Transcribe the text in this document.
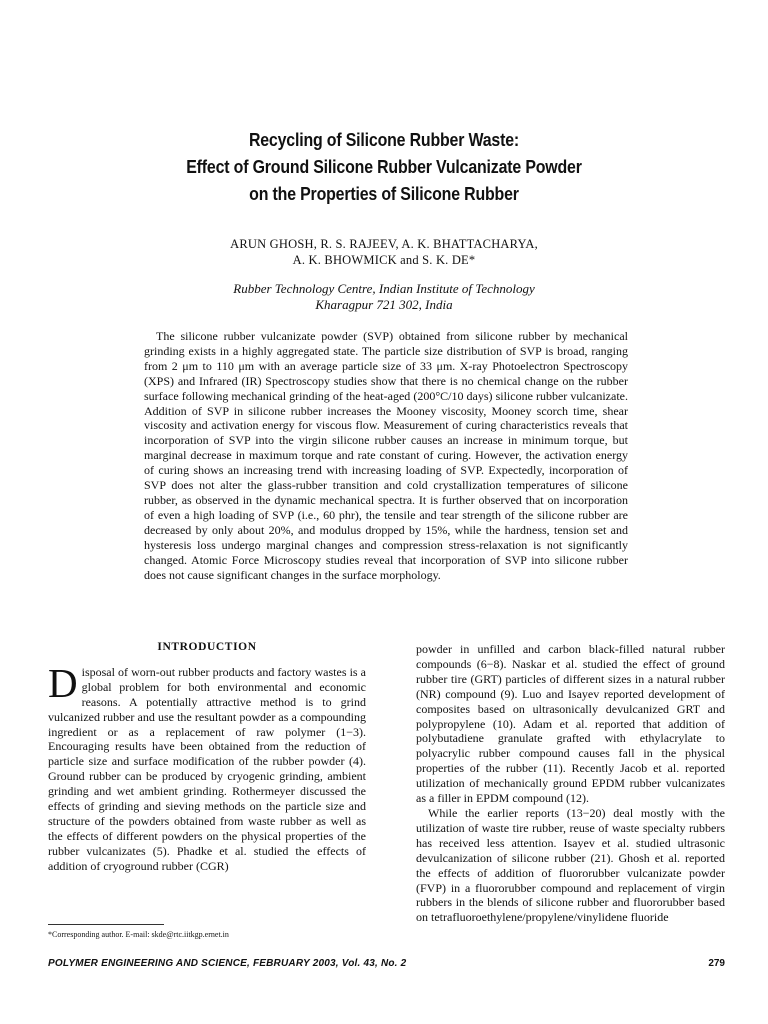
Recycling of Silicone Rubber Waste:
Effect of Ground Silicone Rubber Vulcanizate Powder
on the Properties of Silicone Rubber
ARUN GHOSH, R. S. RAJEEV, A. K. BHATTACHARYA,
A. K. BHOWMICK and S. K. DE*
Rubber Technology Centre, Indian Institute of Technology
Kharagpur 721 302, India

The silicone rubber vulcanizate powder (SVP) obtained from silicone rubber by mechanical grinding exists in a highly aggregated state. The particle size distribution of SVP is broad, ranging from 2 μm to 110 μm with an average particle size of 33 μm. X-ray Photoelectron Spectroscopy (XPS) and Infrared (IR) Spectroscopy studies show that there is no chemical change on the rubber surface following mechanical grinding of the heat-aged (200°C/10 days) silicone rubber vulcanizate. Addition of SVP in silicone rubber increases the Mooney viscosity, Mooney scorch time, shear viscosity and activation energy for viscous flow. Measurement of curing characteristics reveals that incorporation of SVP into the virgin silicone rubber causes an increase in minimum torque, but marginal decrease in maximum torque and rate constant of curing. However, the activation energy of curing shows an increasing trend with increasing loading of SVP. Expectedly, incorporation of SVP does not alter the glass-rubber transition and cold crystallization temperatures of silicone rubber, as observed in the dynamic mechanical spectra. It is further observed that on incorporation of even a high loading of SVP (i.e., 60 phr), the tensile and tear strength of the silicone rubber are decreased by only about 20%, and modulus dropped by 15%, while the hardness, tension set and hysteresis loss undergo marginal changes and compression stress-relaxation is not significantly changed. Atomic Force Microscopy studies reveal that incorporation of SVP into silicone rubber does not cause significant changes in the surface morphology.

INTRODUCTION

Disposal of worn-out rubber products and factory wastes is a global problem for both environmental and economic reasons. A potentially attractive method is to grind vulcanized rubber and use the resultant powder as a compounding ingredient or as a replacement of raw polymer (1−3). Encouraging results have been obtained from the reduction of particle size and surface modification of the rubber powder (4). Ground rubber can be produced by cryogenic grinding, ambient grinding and wet ambient grinding. Rothermeyer discussed the effects of grinding and sieving methods on the particle size and structure of the powders obtained from waste rubber as well as the effects of different powders on the physical properties of the rubber vulcanizates (5). Phadke et al. studied the effects of addition of cryoground rubber (CGR)

powder in unfilled and carbon black-filled natural rubber compounds (6−8). Naskar et al. studied the effect of ground rubber tire (GRT) particles of different sizes in a natural rubber (NR) compound (9). Luo and Isayev reported development of composites based on ultrasonically devulcanized GRT and polypropylene (10). Adam et al. reported that addition of polybutadiene granulate grafted with ethylacrylate to polyacrylic rubber compound causes fall in the physical properties of the rubber (11). Recently Jacob et al. reported utilization of mechanically ground EPDM rubber vulcanizates as a filler in EPDM compound (12).

While the earlier reports (13−20) deal mostly with the utilization of waste tire rubber, reuse of waste specialty rubbers has received less attention. Isayev et al. studied ultrasonic devulcanization of silicone rubber (21). Ghosh et al. reported the effects of addition of fluororubber vulcanizate powder (FVP) in a fluororubber compound and replacement of virgin rubbers in the blends of silicone rubber and fluororubber based on tetrafluoroethylene/propylene/vinylidene fluoride

*Corresponding author. E-mail: skde@rtc.iitkgp.ernet.in
POLYMER ENGINEERING AND SCIENCE, FEBRUARY 2003, Vol. 43, No. 2	279
